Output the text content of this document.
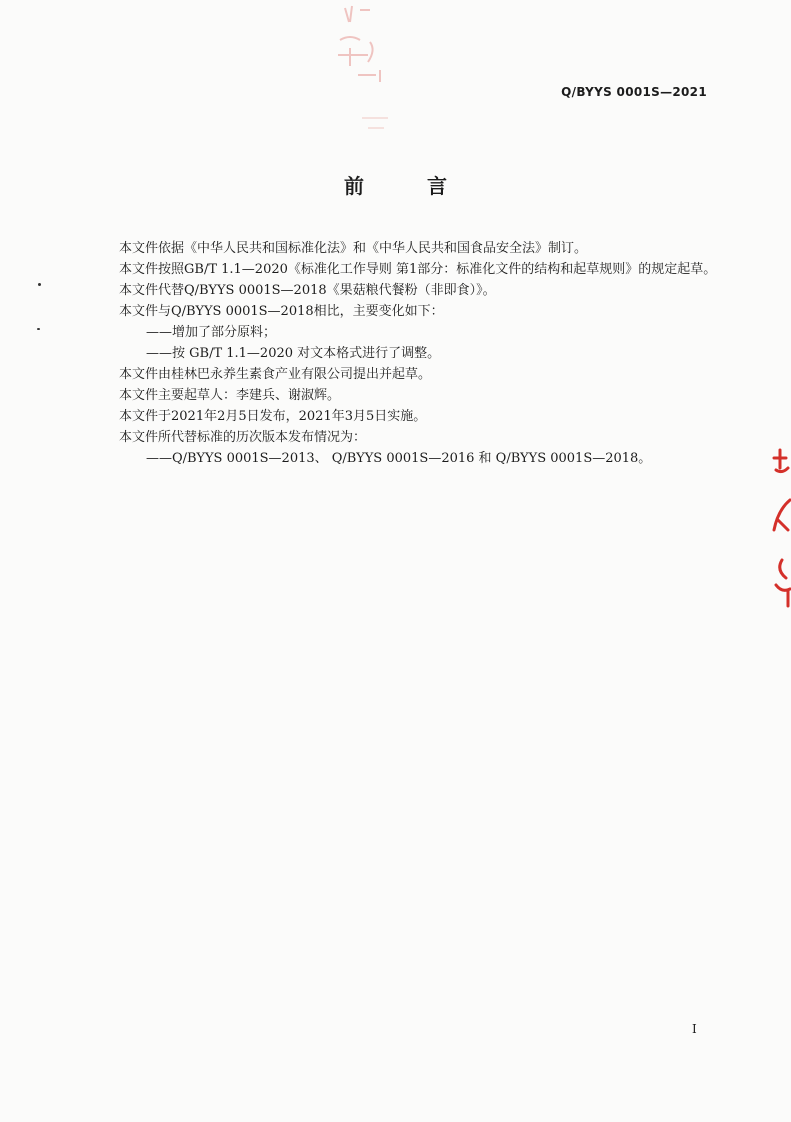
Q/BYYS 0001S—2021
前 言

本文件依据《中华人民共和国标准化法》和《中华人民共和国食品安全法》制订。

本文件按照GB/T 1.1—2020《标准化工作导则 第1部分：标准化文件的结构和起草规则》的规定起草。

本文件代替Q/BYYS 0001S—2018《果菇粮代餐粉（非即食）》。

本文件与Q/BYYS 0001S—2018相比，主要变化如下：

——增加了部分原料；

——按 GB/T 1.1—2020 对文本格式进行了调整。

本文件由桂林巴永养生素食产业有限公司提出并起草。

本文件主要起草人：李建兵、谢淑辉。

本文件于2021年2月5日发布，2021年3月5日实施。

本文件所代替标准的历次版本发布情况为：

——Q/BYYS 0001S—2013、 Q/BYYS 0001S—2016 和 Q/BYYS 0001S—2018。

I
